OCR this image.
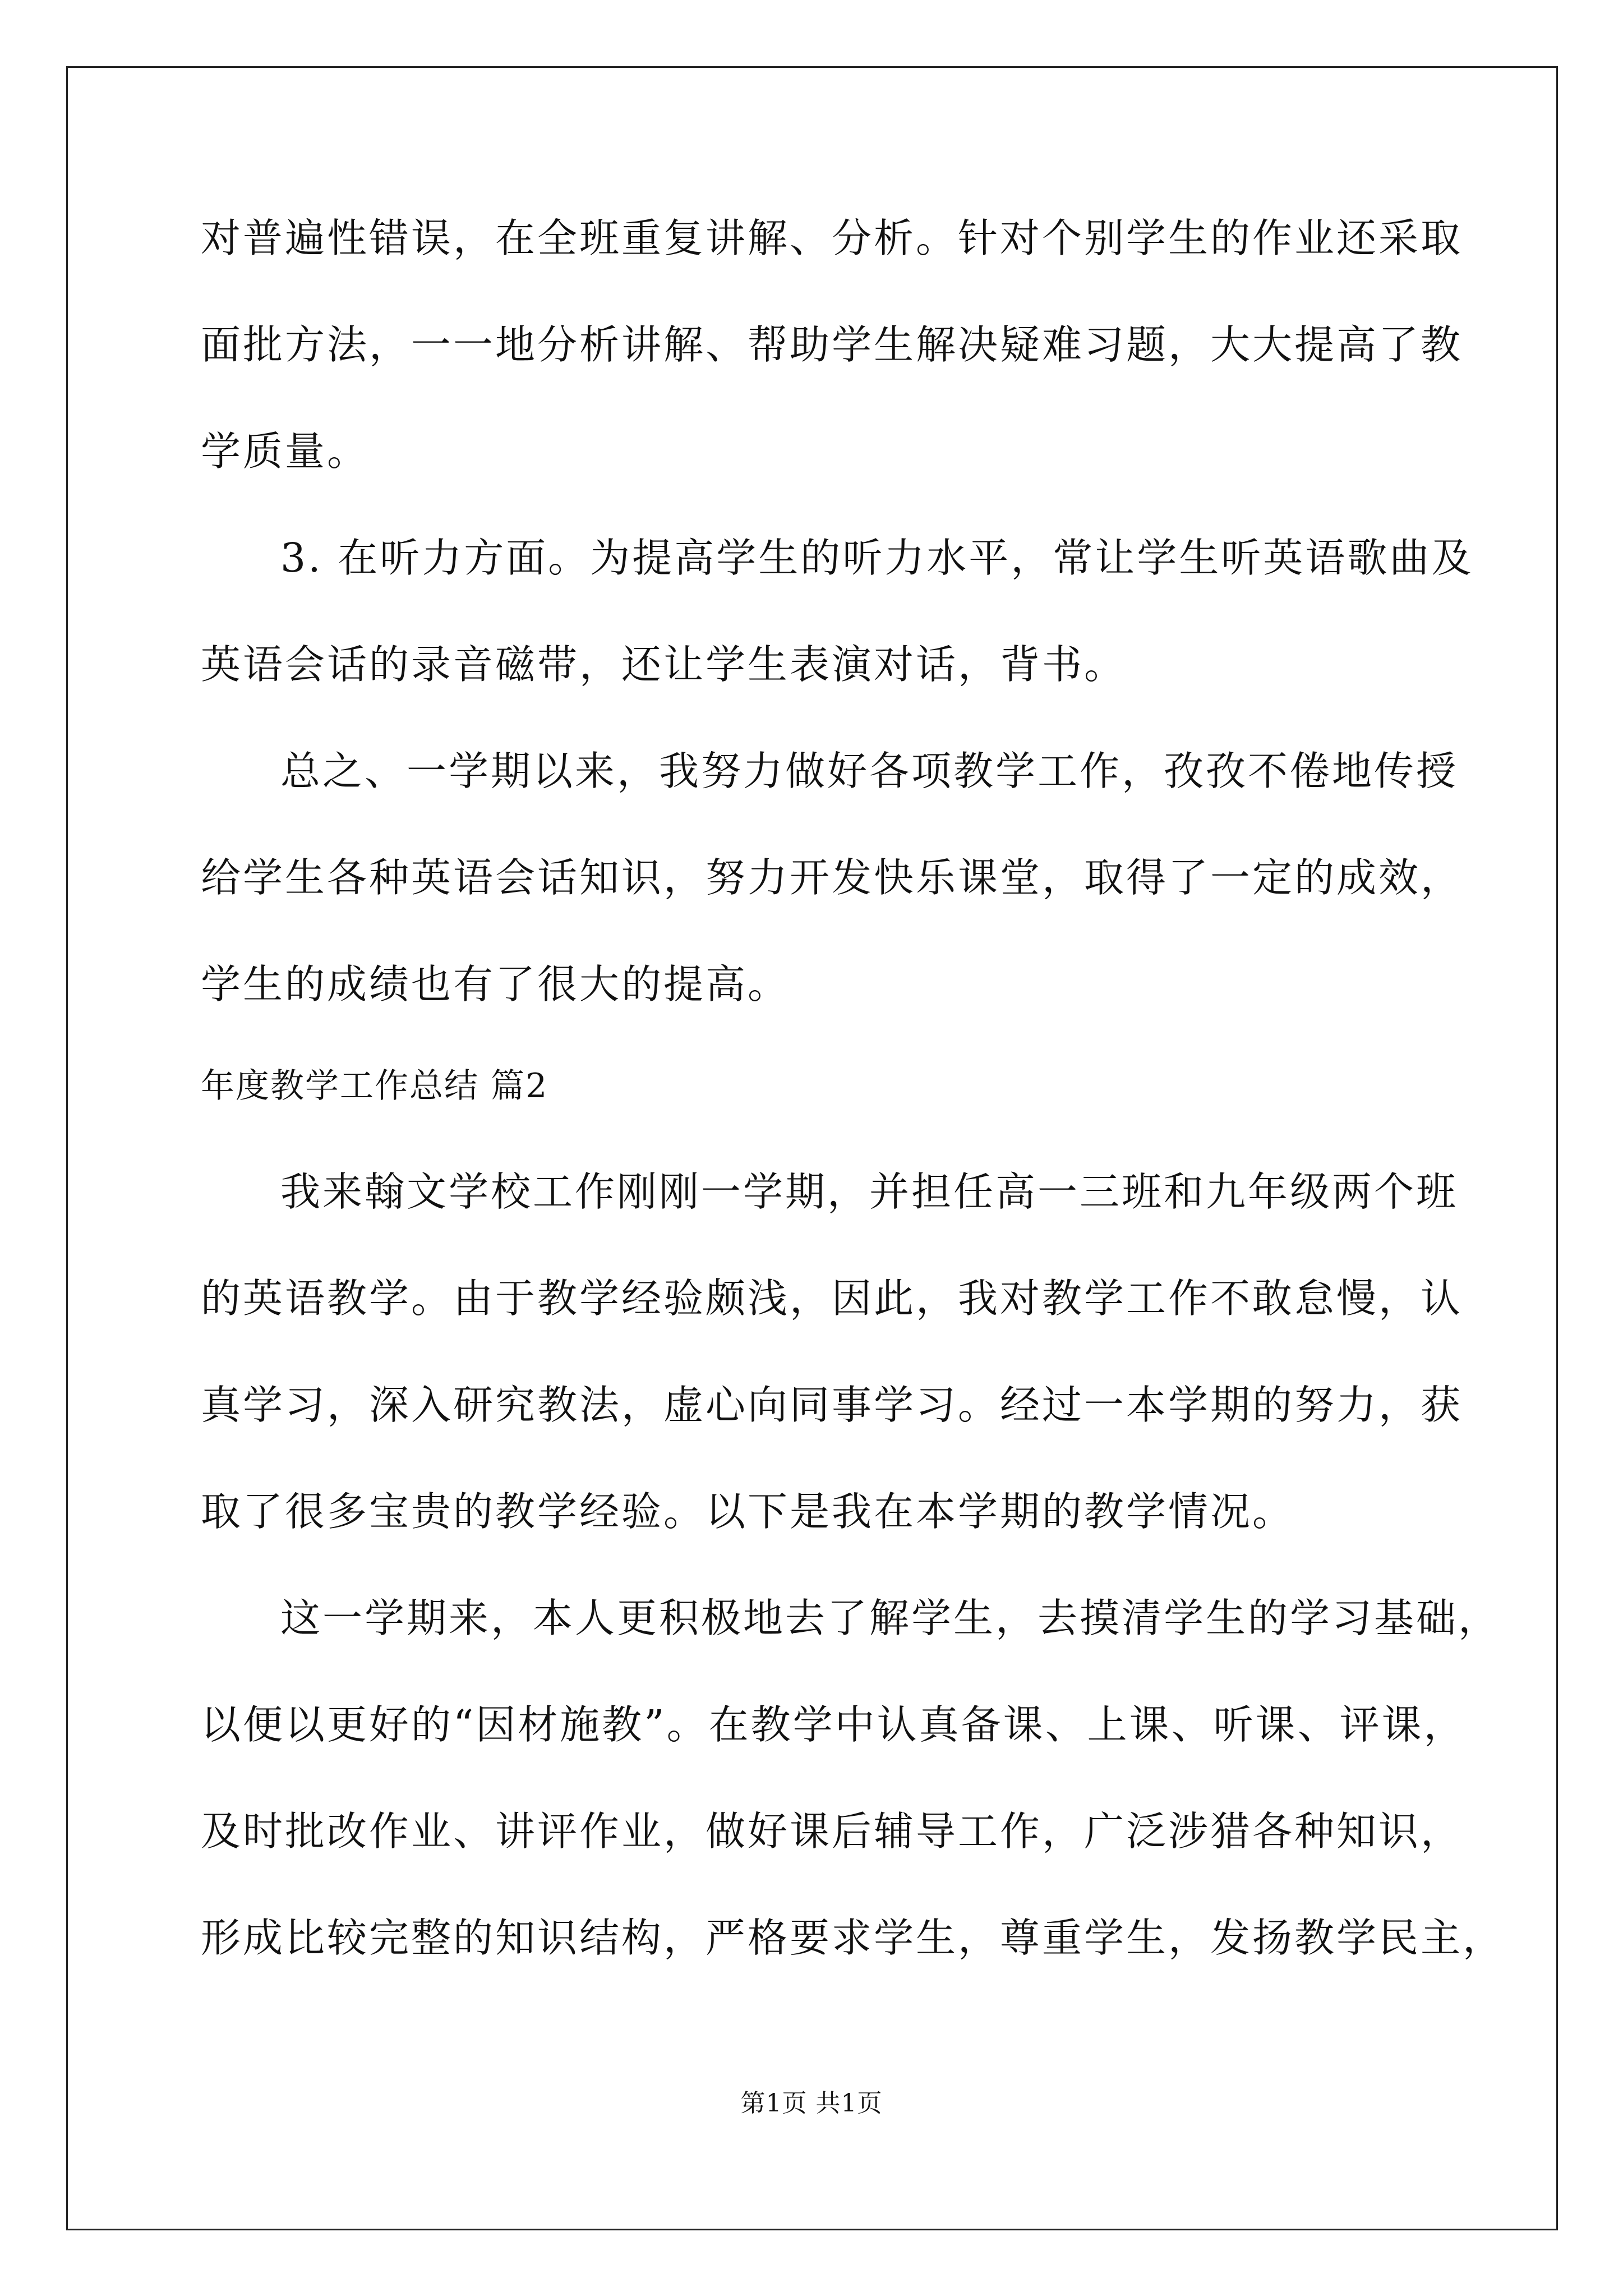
对普遍性错误，在全班重复讲解、分析。针对个别学生的作业还采取
面批方法，一一地分析讲解、帮助学生解决疑难习题，大大提高了教
学质量。
3. 在听力方面。为提高学生的听力水平，常让学生听英语歌曲及
英语会话的录音磁带，还让学生表演对话，背书。
总之、一学期以来，我努力做好各项教学工作，孜孜不倦地传授
给学生各种英语会话知识，努力开发快乐课堂，取得了一定的成效，
学生的成绩也有了很大的提高。
年度教学工作总结 篇2
我来翰文学校工作刚刚一学期，并担任高一三班和九年级两个班
的英语教学。由于教学经验颇浅，因此，我对教学工作不敢怠慢，认
真学习，深入研究教法，虚心向同事学习。经过一本学期的努力，获
取了很多宝贵的教学经验。以下是我在本学期的教学情况。
这一学期来，本人更积极地去了解学生，去摸清学生的学习基础，
以便以更好的“因材施教”。在教学中认真备课、上课、听课、评课，
及时批改作业、讲评作业，做好课后辅导工作，广泛涉猎各种知识，
形成比较完整的知识结构，严格要求学生，尊重学生，发扬教学民主，
第1页 共1页
